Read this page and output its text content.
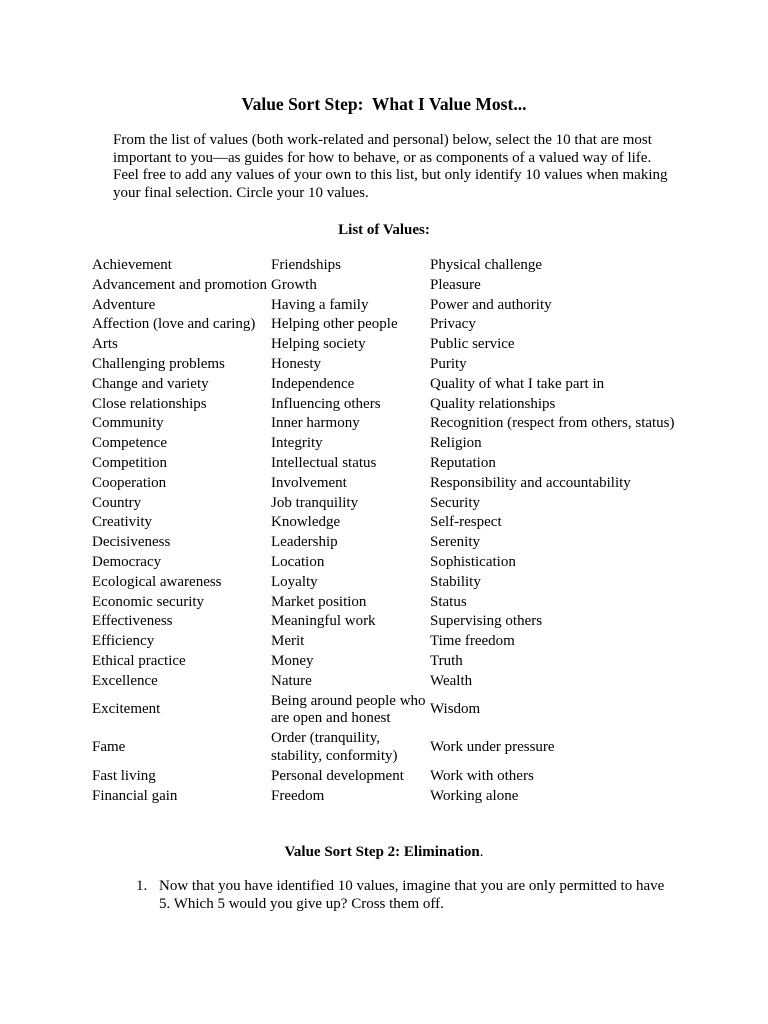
Value Sort Step:  What I Value Most...
From the list of values (both work-related and personal) below, select the 10 that are most
important to you—as guides for how to behave, or as components of a valued way of life.
Feel free to add any values of your own to this list, but only identify 10 values when making
your final selection. Circle your 10 values.
List of Values:
Achievement	Friendships	Physical challenge
Advancement and promotion	Growth	Pleasure
Adventure	Having a family	Power and authority
Affection (love and caring)	Helping other people	Privacy
Arts	Helping society	Public service
Challenging problems	Honesty	Purity
Change and variety	Independence	Quality of what I take part in
Close relationships	Influencing others	Quality relationships
Community	Inner harmony	Recognition (respect from others, status)
Competence	Integrity	Religion
Competition	Intellectual status	Reputation
Cooperation	Involvement	Responsibility and accountability
Country	Job tranquility	Security
Creativity	Knowledge	Self-respect
Decisiveness	Leadership	Serenity
Democracy	Location	Sophistication
Ecological awareness	Loyalty	Stability
Economic security	Market position	Status
Effectiveness	Meaningful work	Supervising others
Efficiency	Merit	Time freedom
Ethical practice	Money	Truth
Excellence	Nature	Wealth
Excitement	Being around people who are open and honest	Wisdom
Fame	Order (tranquility, stability, conformity)	Work under pressure
Fast living	Personal development	Work with others
Financial gain	Freedom	Working alone
Value Sort Step 2: Elimination.
1. Now that you have identified 10 values, imagine that you are only permitted to have
5. Which 5 would you give up? Cross them off.
